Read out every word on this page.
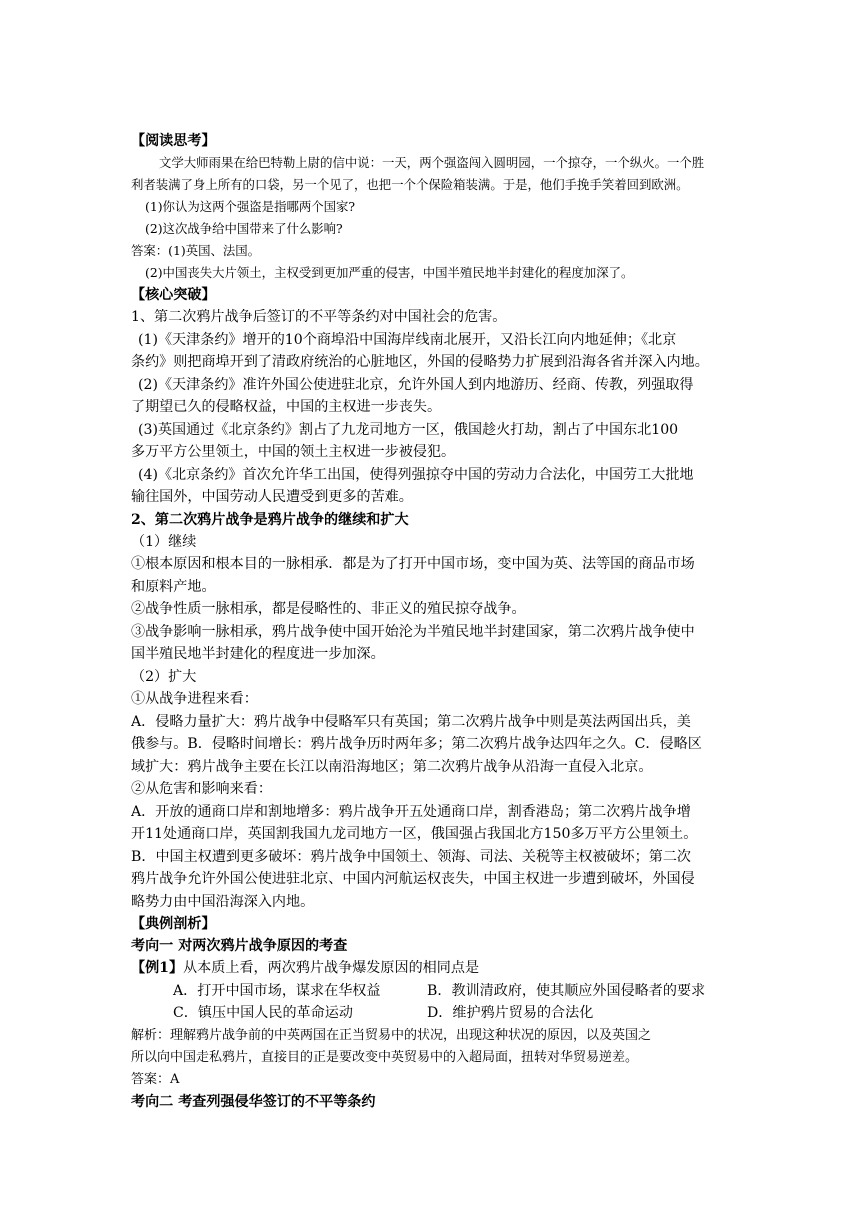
【阅读思考】

文学大师雨果在给巴特勒上尉的信中说：一天，两个强盗闯入圆明园，一个掠夺，一个纵火。一个胜

利者装满了身上所有的口袋，另一个见了，也把一个个保险箱装满。于是，他们手挽手笑着回到欧洲。

(1)你认为这两个强盗是指哪两个国家?

(2)这次战争给中国带来了什么影响?

答案：(1)英国、法国。

(2)中国丧失大片领土，主权受到更加严重的侵害，中国半殖民地半封建化的程度加深了。

【核心突破】

1、第二次鸦片战争后签订的不平等条约对中国社会的危害。

(1)《天津条约》增开的10个商埠沿中国海岸线南北展开，又沿长江向内地延伸；《北京

条约》则把商埠开到了清政府统治的心脏地区，外国的侵略势力扩展到沿海各省并深入内地。

(2)《天津条约》准许外国公使进驻北京，允许外国人到内地游历、经商、传教，列强取得

了期望已久的侵略权益，中国的主权进一步丧失。

(3)英国通过《北京条约》割占了九龙司地方一区，俄国趁火打劫，割占了中国东北100

多万平方公里领土，中国的领土主权进一步被侵犯。

(4)《北京条约》首次允许华工出国，使得列强掠夺中国的劳动力合法化，中国劳工大批地

输往国外，中国劳动人民遭受到更多的苦难。

2、第二次鸦片战争是鸦片战争的继续和扩大

（1）继续

①根本原因和根本目的一脉相承．都是为了打开中国市场，变中国为英、法等国的商品市场

和原料产地。

②战争性质一脉相承，都是侵略性的、非正义的殖民掠夺战争。

③战争影响一脉相承，鸦片战争使中国开始沦为半殖民地半封建国家，第二次鸦片战争使中

国半殖民地半封建化的程度进一步加深。

（2）扩大

①从战争进程来看：

A．侵略力量扩大：鸦片战争中侵略军只有英国；第二次鸦片战争中则是英法两国出兵，美

俄参与。B．侵略时间增长：鸦片战争历时两年多；第二次鸦片战争达四年之久。C．侵略区

域扩大：鸦片战争主要在长江以南沿海地区；第二次鸦片战争从沿海一直侵入北京。

②从危害和影响来看：

A．开放的通商口岸和割地增多：鸦片战争开五处通商口岸，割香港岛；第二次鸦片战争增

开11处通商口岸，英国割我国九龙司地方一区，俄国强占我国北方150多万平方公里领土。

B．中国主权遭到更多破坏：鸦片战争中国领土、领海、司法、关税等主权被破坏；第二次

鸦片战争允许外国公使进驻北京、中国内河航运权丧失，中国主权进一步遭到破坏，外国侵

略势力由中国沿海深入内地。

【典例剖析】

考向一 对两次鸦片战争原因的考查

【例1】从本质上看，两次鸦片战争爆发原因的相同点是

A．打开中国市场，谋求在华权益	B．教训清政府，使其顺应外国侵略者的要求

C．镇压中国人民的革命运动	D．维护鸦片贸易的合法化

解析：理解鸦片战争前的中英两国在正当贸易中的状况，出现这种状况的原因，以及英国之

所以向中国走私鸦片，直接目的正是要改变中英贸易中的入超局面，扭转对华贸易逆差。

答案：A

考向二 考查列强侵华签订的不平等条约
